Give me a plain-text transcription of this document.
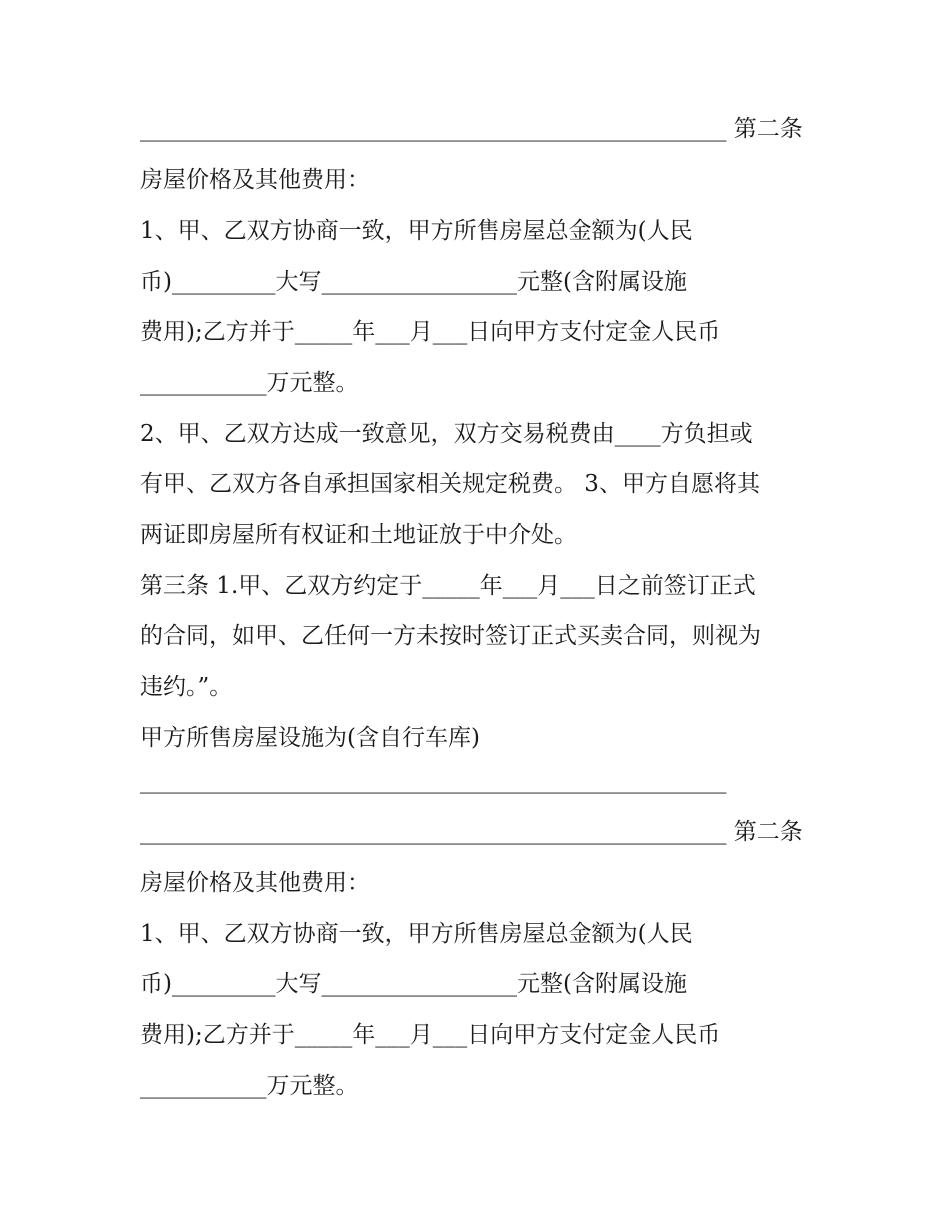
___________________________________________________ 第二条
房屋价格及其他费用：
1、甲、乙双方协商一致，甲方所售房屋总金额为(人民
币)_________大写_________________元整(含附属设施
费用);乙方并于_____年___月___日向甲方支付定金人民币
___________万元整。
2、甲、乙双方达成一致意见，双方交易税费由____方负担或
有甲、乙双方各自承担国家相关规定税费。 3、甲方自愿将其
两证即房屋所有权证和土地证放于中介处。
第三条 1.甲、乙双方约定于_____年___月___日之前签订正式
的合同，如甲、乙任何一方未按时签订正式买卖合同，则视为
违约。”。
甲方所售房屋设施为(含自行车库)
___________________________________________________
___________________________________________________ 第二条
房屋价格及其他费用：
1、甲、乙双方协商一致，甲方所售房屋总金额为(人民
币)_________大写_________________元整(含附属设施
费用);乙方并于_____年___月___日向甲方支付定金人民币
___________万元整。
